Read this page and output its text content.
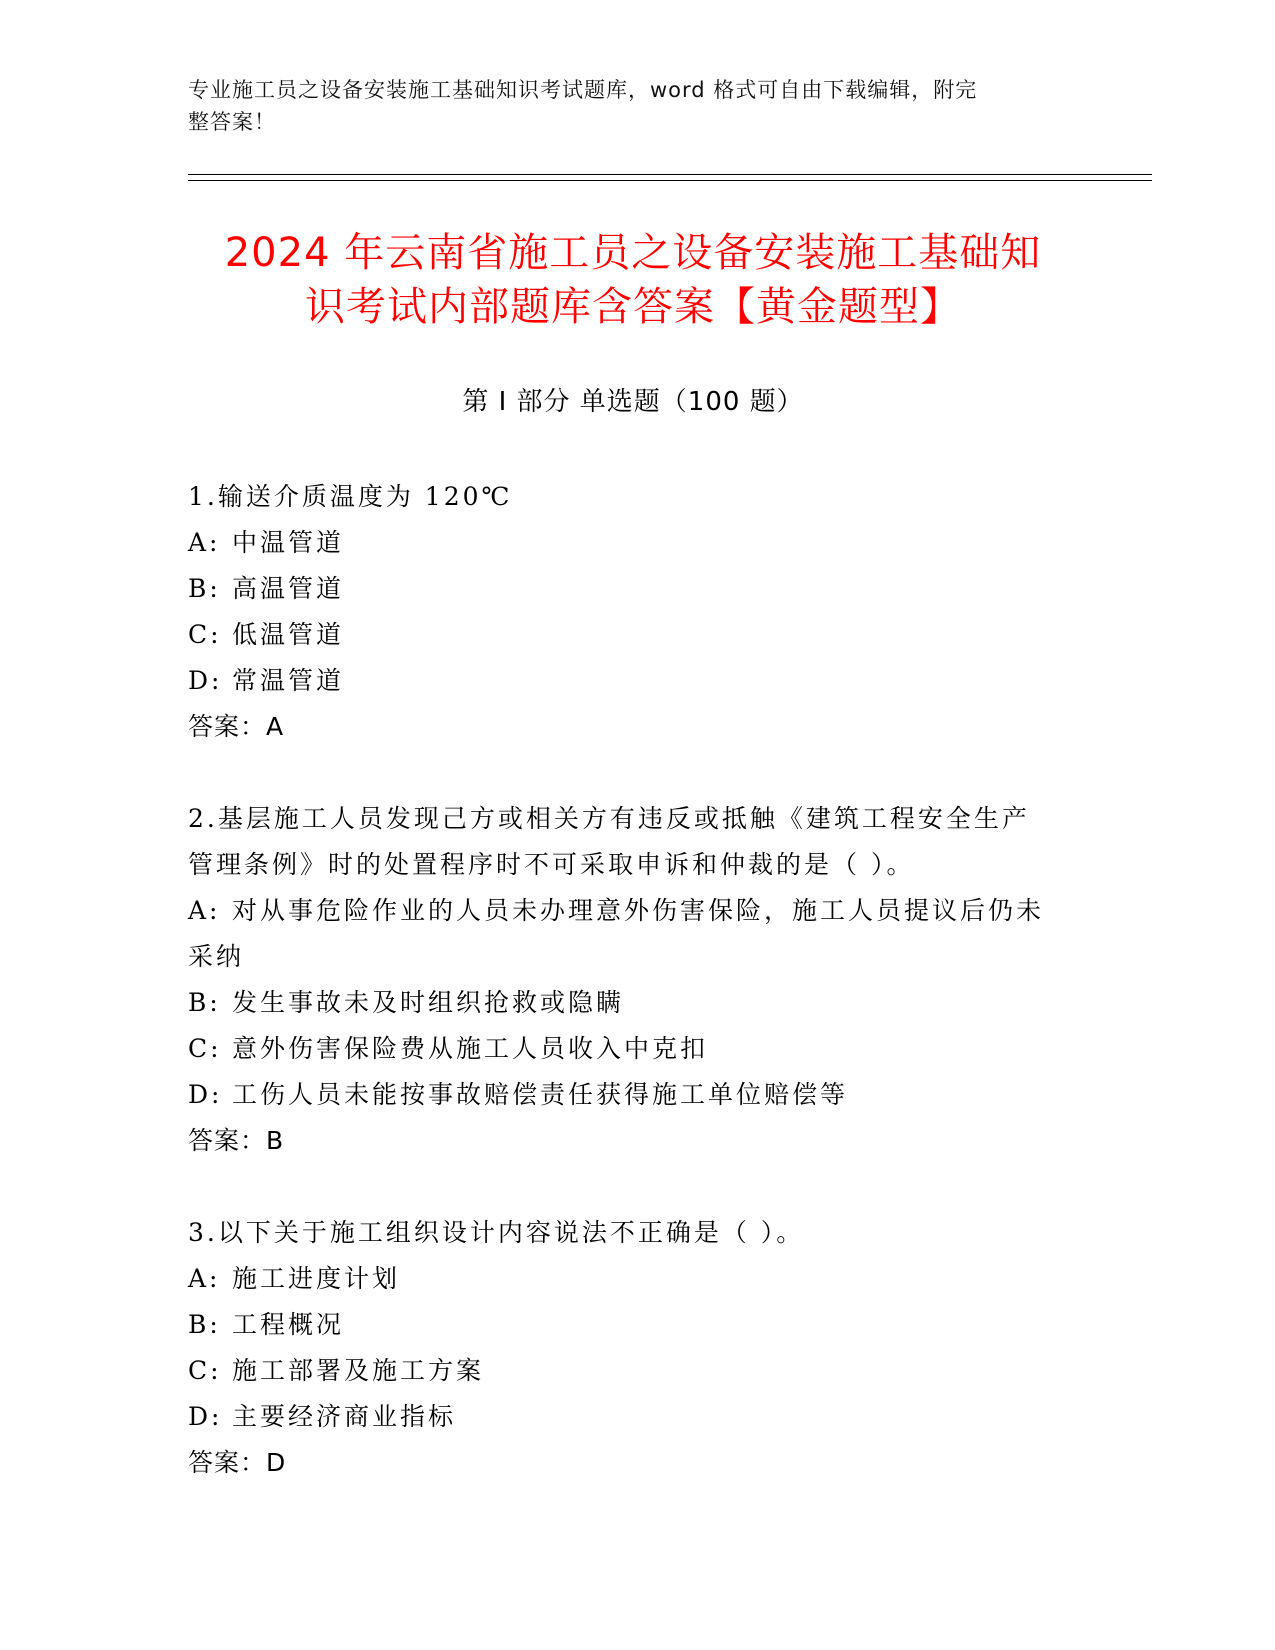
专业施工员之设备安装施工基础知识考试题库，word 格式可自由下载编辑，附完
整答案！
2024 年云南省施工员之设备安装施工基础知
识考试内部题库含答案【黄金题型】
第 I 部分 单选题（100 题）

1.输送介质温度为 120℃

A: 中温管道

B: 高温管道

C: 低温管道

D: 常温管道

答案：A

2.基层施工人员发现己方或相关方有违反或抵触《建筑工程安全生产

管理条例》时的处置程序时不可采取申诉和仲裁的是（ ）。

A: 对从事危险作业的人员未办理意外伤害保险，施工人员提议后仍未

采纳

B: 发生事故未及时组织抢救或隐瞒

C: 意外伤害保险费从施工人员收入中克扣

D: 工伤人员未能按事故赔偿责任获得施工单位赔偿等

答案：B

3.以下关于施工组织设计内容说法不正确是（ ）。

A: 施工进度计划

B: 工程概况

C: 施工部署及施工方案

D: 主要经济商业指标

答案：D
